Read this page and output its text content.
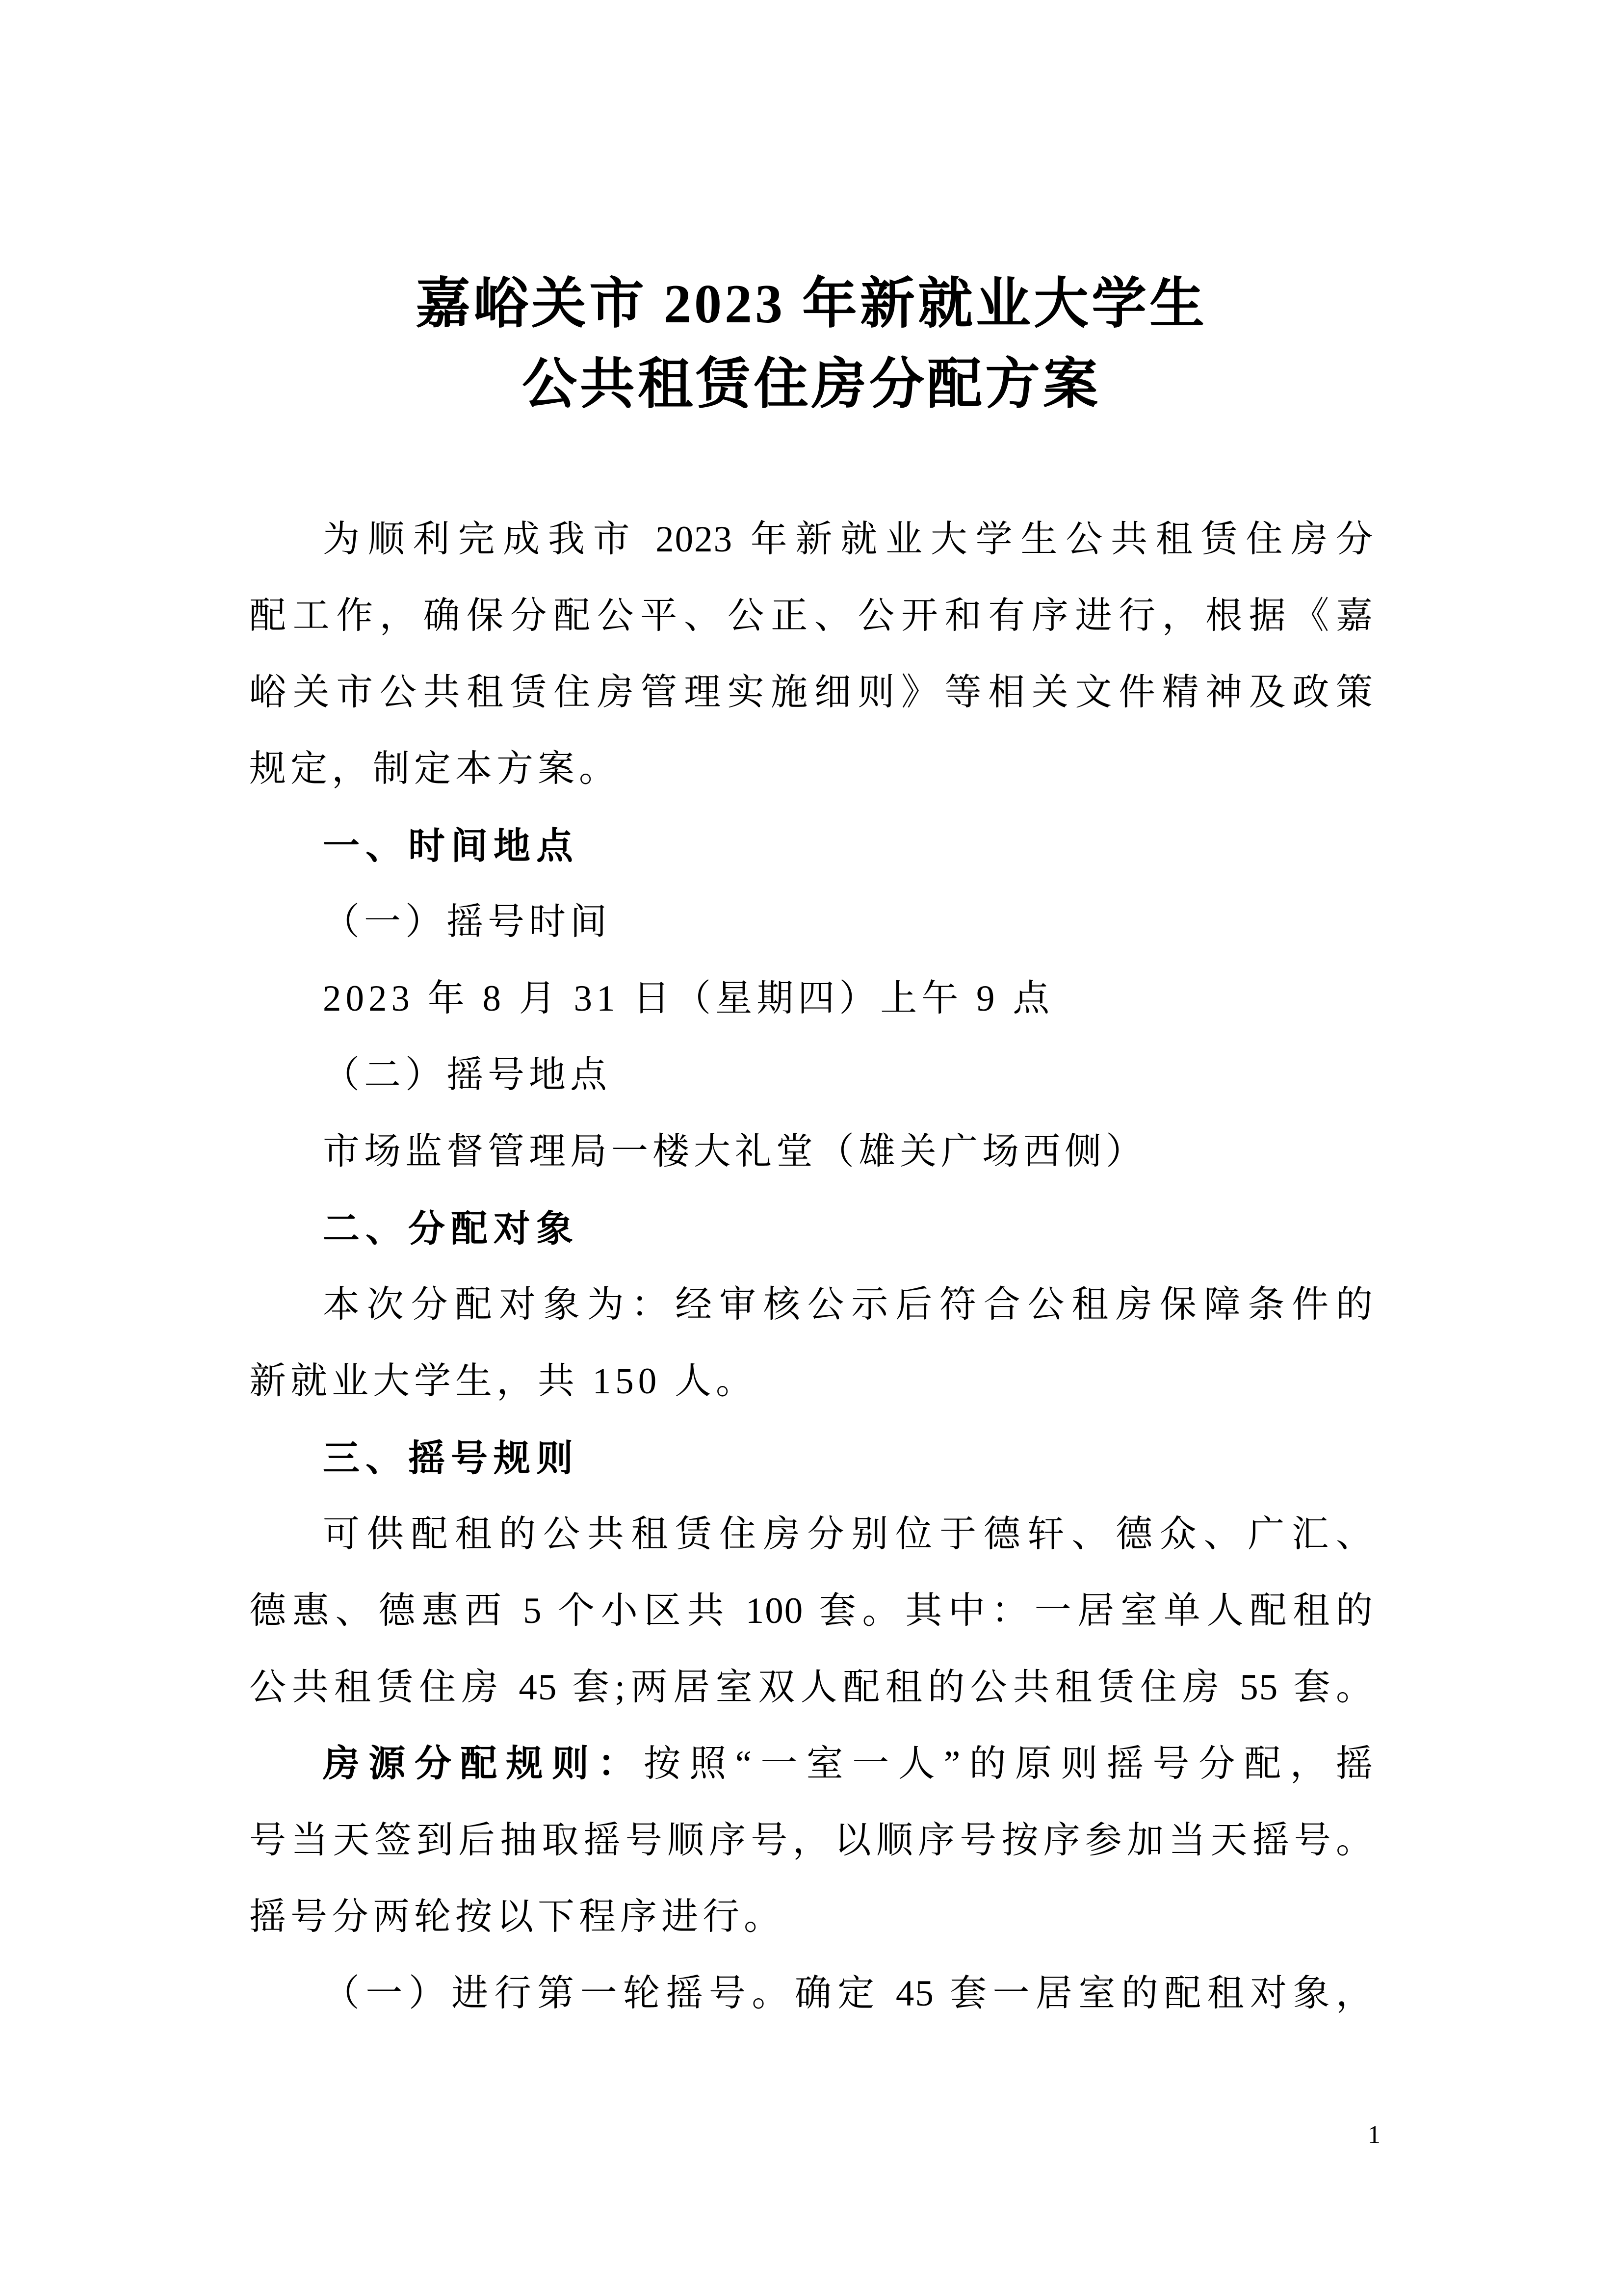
嘉峪关市 2023 年新就业大学生
公共租赁住房分配方案
为顺利完成我市 2023 年新就业大学生公共租赁住房分
配工作，确保分配公平、公正、公开和有序进行，根据《嘉
峪关市公共租赁住房管理实施细则》等相关文件精神及政策
规定，制定本方案。
一、时间地点
（一）摇号时间
2023 年 8 月 31 日（星期四）上午 9 点
（二）摇号地点
市场监督管理局一楼大礼堂（雄关广场西侧）
二、分配对象
本次分配对象为：经审核公示后符合公租房保障条件的
新就业大学生，共 150 人。
三、摇号规则
可供配租的公共租赁住房分别位于德轩、德众、广汇、
德惠、德惠西 5 个小区共 100 套。其中：一居室单人配租的
公共租赁住房 45 套;两居室双人配租的公共租赁住房 55 套。
房源分配规则：按照“一室一人”的原则摇号分配，摇
号当天签到后抽取摇号顺序号，以顺序号按序参加当天摇号。
摇号分两轮按以下程序进行。
（一）进行第一轮摇号。确定 45 套一居室的配租对象，
1
